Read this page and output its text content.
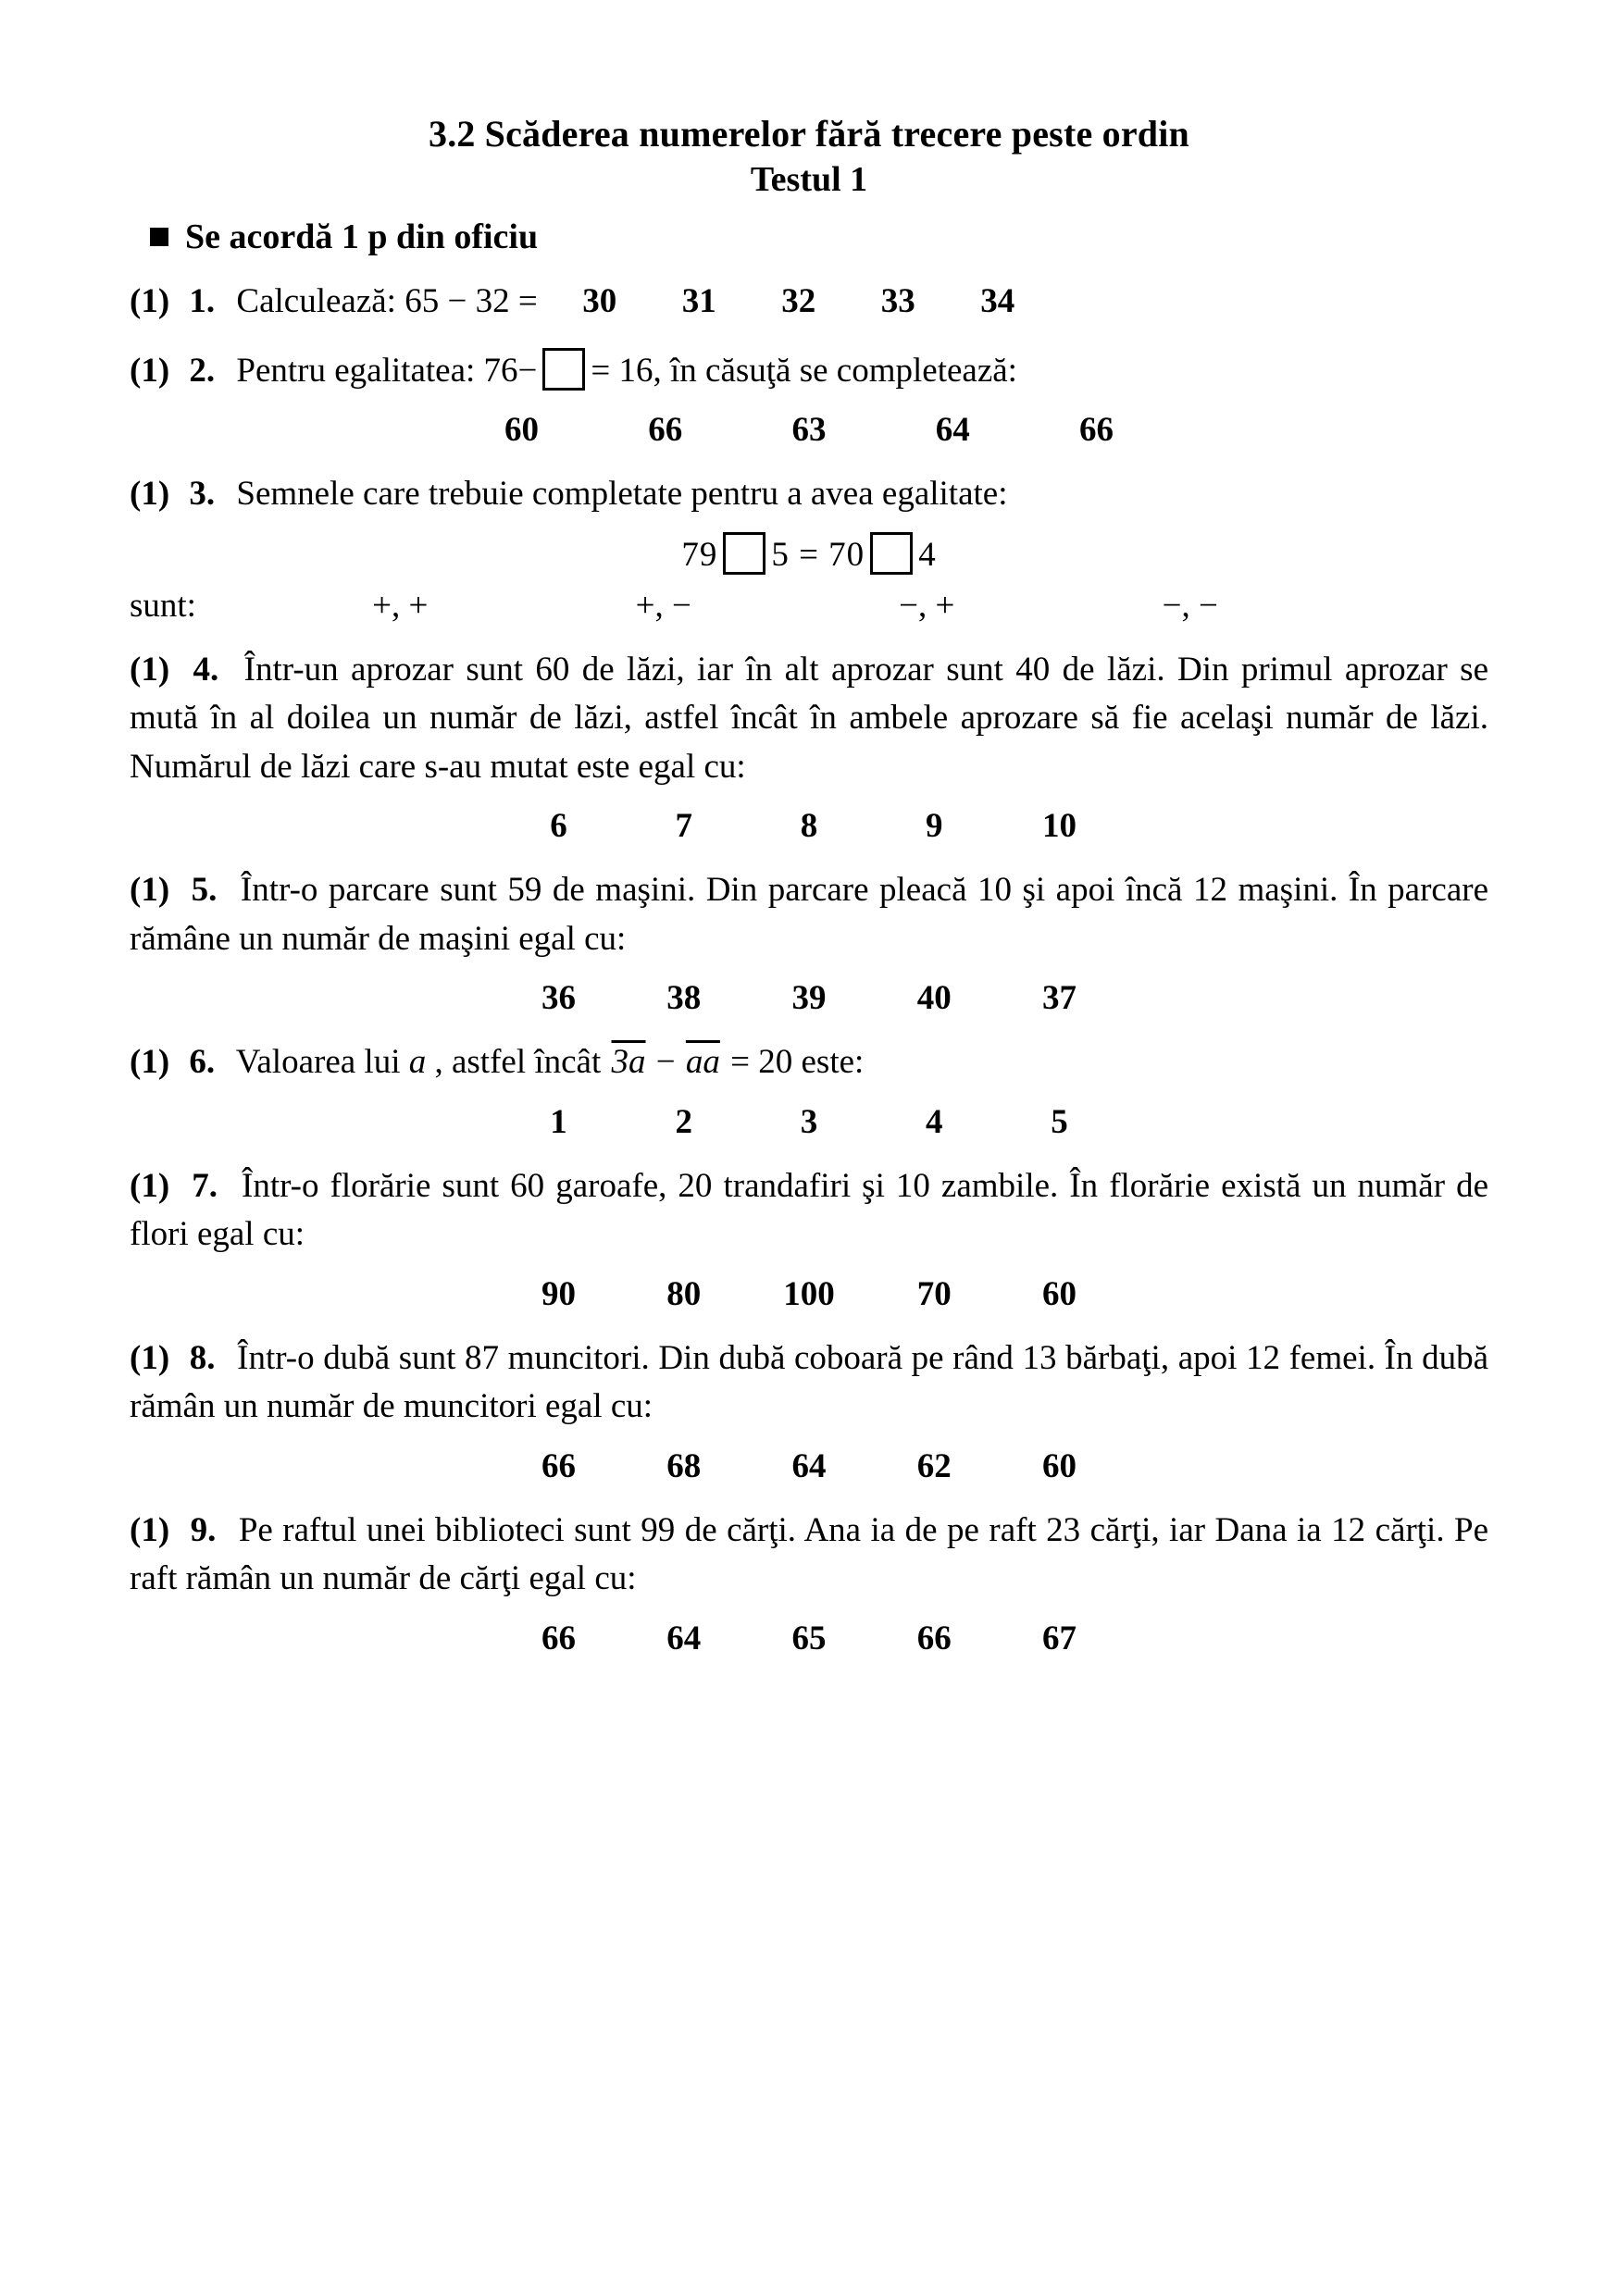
3.2 Scăderea numerelor fără trecere peste ordin
Testul 1
Se acordă 1 p din oficiu

(1) 1. Calculează: 65 − 32 = 30 31 32 33 34

(1) 2. Pentru egalitatea: 76− = 16, în căsuţă se completează:

60	66	63	64	66

(1) 3. Semnele care trebuie completate pentru a avea egalitate:

79 5 = 70 4
sunt:	+, +	+, −	−, +	−, −

(1) 4. Într-un aprozar sunt 60 de lăzi, iar în alt aprozar sunt 40 de lăzi. Din primul aprozar se mută în al doilea un număr de lăzi, astfel încât în ambele aprozare să fie acelaşi număr de lăzi. Numărul de lăzi care s-au mutat este egal cu:

6	7	8	9	10

(1) 5. Într-o parcare sunt 59 de maşini. Din parcare pleacă 10 şi apoi încă 12 maşini. În parcare rămâne un număr de maşini egal cu:

36	38	39	40	37

(1) 6. Valoarea lui a , astfel încât $3a - \overline{aa} = 20$ este:

1	2	3	4	5

(1) 7. Într-o florărie sunt 60 garoafe, 20 trandafiri şi 10 zambile. În florărie există un număr de flori egal cu:

90	80 100 70	60

(1) 8. Într-o dubă sunt 87 muncitori. Din dubă coboară pe rând 13 bărbaţi, apoi 12 femei. În dubă rămân un număr de muncitori egal cu:

66	68	64	62	60

(1) 9. Pe raftul unei biblioteci sunt 99 de cărţi. Ana ia de pe raft 23 cărţi, iar Dana ia 12 cărţi. Pe raft rămân un număr de cărţi egal cu:

66	64	65	66	67
